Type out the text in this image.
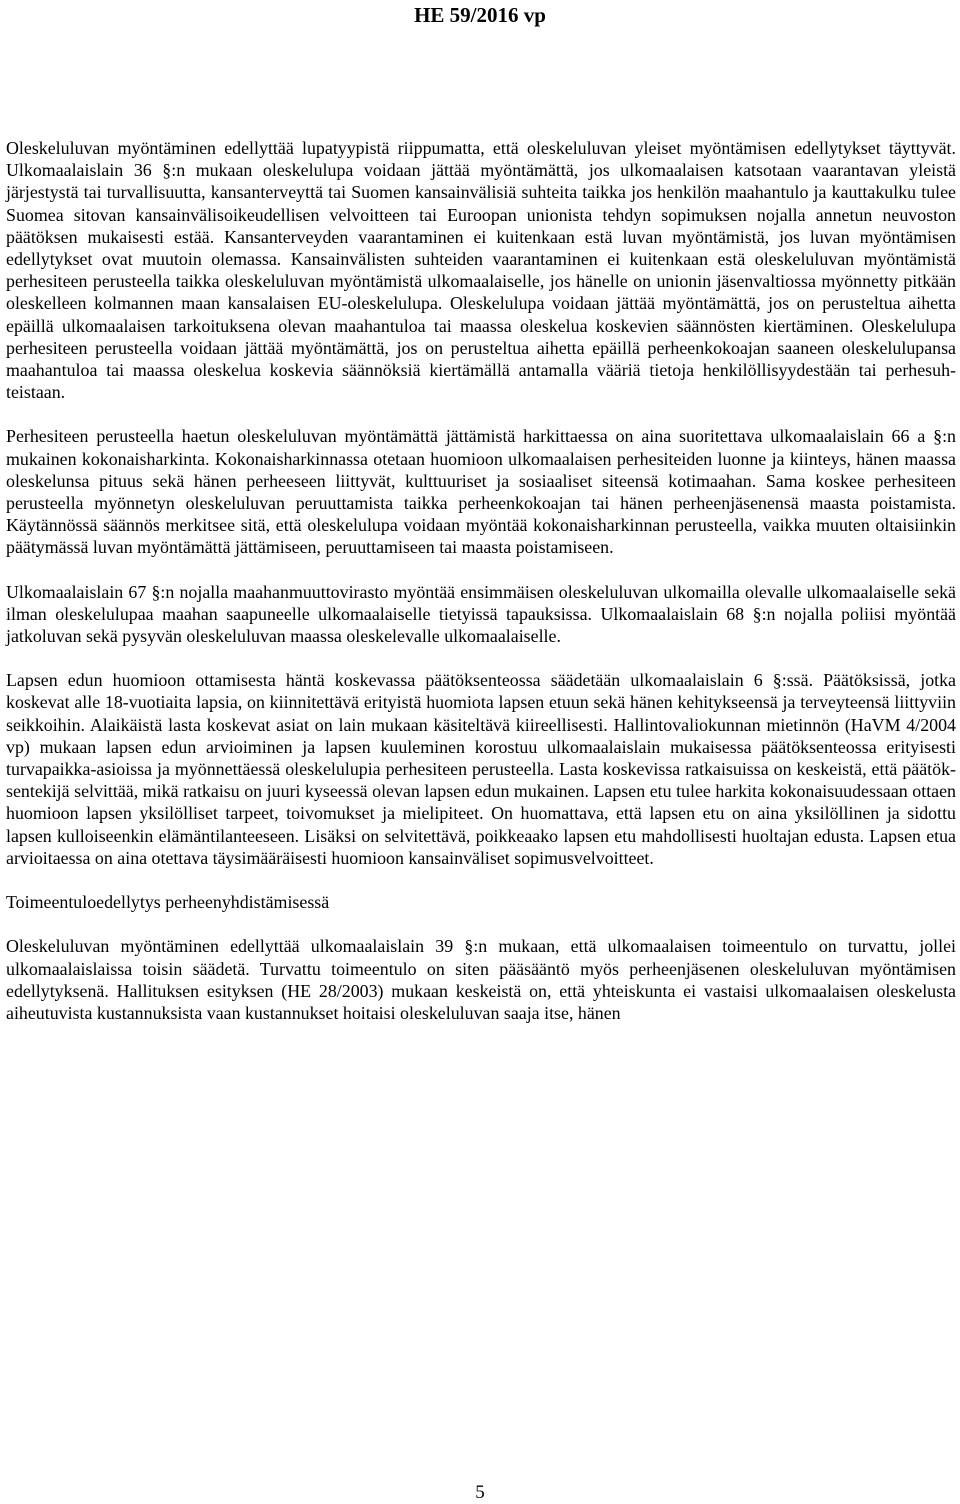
HE 59/2016 vp

Oleskeluluvan myöntäminen edellyttää lupatyypistä riippumatta, että oleskeluluvan yleiset myöntämisen edellytykset täyttyvät. Ulkomaalaislain 36 §:n mukaan oleskelulupa voidaan jättää myöntämättä, jos ulkomaalaisen katsotaan vaarantavan yleistä järjestystä tai turvallisuutta, kansanterveyttä tai Suomen kansainvälisiä suhteita taikka jos henkilön maahantulo ja kauttakulku tulee Suomea sitovan kansainvälisoikeudellisen velvoitteen tai Euroopan unionista tehdyn sopimuksen nojalla annetun neuvoston päätöksen mukaisesti estää. Kansanterveyden vaarantaminen ei kuitenkaan estä luvan myöntämistä, jos luvan myöntämisen edellytykset ovat muutoin olemassa. Kansainvälisten suhteiden vaarantaminen ei kuitenkaan estä oleskeluluvan myöntämistä perhesiteen perusteella taikka oleskeluluvan myöntämistä ulkomaalaiselle, jos hänelle on unionin jäsenvaltiossa myönnetty pitkään oleskelleen kolmannen maan kansalaisen EU-oleskelulupa. Oleskelulupa voidaan jättää myöntämättä, jos on perusteltua aihetta epäillä ulkomaalaisen tarkoituksena olevan maahantuloa tai maassa oleskelua koskevien säännösten kiertäminen. Oleskelulupa perhesiteen perusteella voidaan jättää myöntämättä, jos on perusteltua aihetta epäillä perheenkokoajan saaneen oleskelulupansa maahantuloa tai maassa oleskelua koskevia säännöksiä kiertämällä antamalla vääriä tietoja henkilöllisyydestään tai perhesuhteistaan.

Perhesiteen perusteella haetun oleskeluluvan myöntämättä jättämistä harkittaessa on aina suoritettava ulkomaalaislain 66 a §:n mukainen kokonaisharkinta. Kokonaisharkinnassa otetaan huomioon ulkomaalaisen perhesiteiden luonne ja kiinteys, hänen maassa oleskelunsa pituus sekä hänen perheeseen liittyvät, kulttuuriset ja sosiaaliset siteensä kotimaahan. Sama koskee perhesiteen perusteella myönnetyn oleskeluluvan peruuttamista taikka perheenkokoajan tai hänen perheenjäsenensä maasta poistamista. Käytännössä säännös merkitsee sitä, että oleskelulupa voidaan myöntää kokonaisharkinnan perusteella, vaikka muuten oltaisiinkin päätymässä luvan myöntämättä jättämiseen, peruuttamiseen tai maasta poistamiseen.

Ulkomaalaislain 67 §:n nojalla maahanmuuttovirasto myöntää ensimmäisen oleskeluluvan ulkomailla olevalle ulkomaalaiselle sekä ilman oleskelulupaa maahan saapuneelle ulkomaalaiselle tietyissä tapauksissa. Ulkomaalaislain 68 §:n nojalla poliisi myöntää jatkoluvan sekä pysyvän oleskeluluvan maassa oleskelevalle ulkomaalaiselle.

Lapsen edun huomioon ottamisesta häntä koskevassa päätöksenteossa säädetään ulkomaalaislain 6 §:ssä. Päätöksissä, jotka koskevat alle 18-vuotiaita lapsia, on kiinnitettävä erityistä huomiota lapsen etuun sekä hänen kehitykseensä ja terveyteensä liittyviin seikkoihin. Alaikäistä lasta koskevat asiat on lain mukaan käsiteltävä kiireellisesti. Hallintovaliokunnan mietinnön (HaVM 4/2004 vp) mukaan lapsen edun arvioiminen ja lapsen kuuleminen korostuu ulkomaalaislain mukaisessa päätöksenteossa erityisesti turvapaikka-asioissa ja myönnettäessä oleskelulupia perhesiteen perusteella. Lasta koskevissa ratkaisuissa on keskeistä, että päätöksentekijä selvittää, mikä ratkaisu on juuri kyseessä olevan lapsen edun mukainen. Lapsen etu tulee harkita kokonaisuudessaan ottaen huomioon lapsen yksilölliset tarpeet, toivomukset ja mielipiteet. On huomattava, että lapsen etu on aina yksilöllinen ja sidottu lapsen kulloiseenkin elämäntilanteeseen. Lisäksi on selvitettävä, poikkeaako lapsen etu mahdollisesti huoltajan edusta. Lapsen etua arvioitaessa on aina otettava täysimääräisesti huomioon kansainväliset sopimusvelvoitteet.

Toimeentuloedellytys perheenyhdistämisessä

Oleskeluluvan myöntäminen edellyttää ulkomaalaislain 39 §:n mukaan, että ulkomaalaisen toimeentulo on turvattu, jollei ulkomaalaislaissa toisin säädetä. Turvattu toimeentulo on siten pääsääntö myös perheenjäsenen oleskeluluvan myöntämisen edellytyksenä. Hallituksen esityksen (HE 28/2003) mukaan keskeistä on, että yhteiskunta ei vastaisi ulkomaalaisen oleskelusta aiheutuvista kustannuksista vaan kustannukset hoitaisi oleskeluluvan saaja itse, hänen

5
